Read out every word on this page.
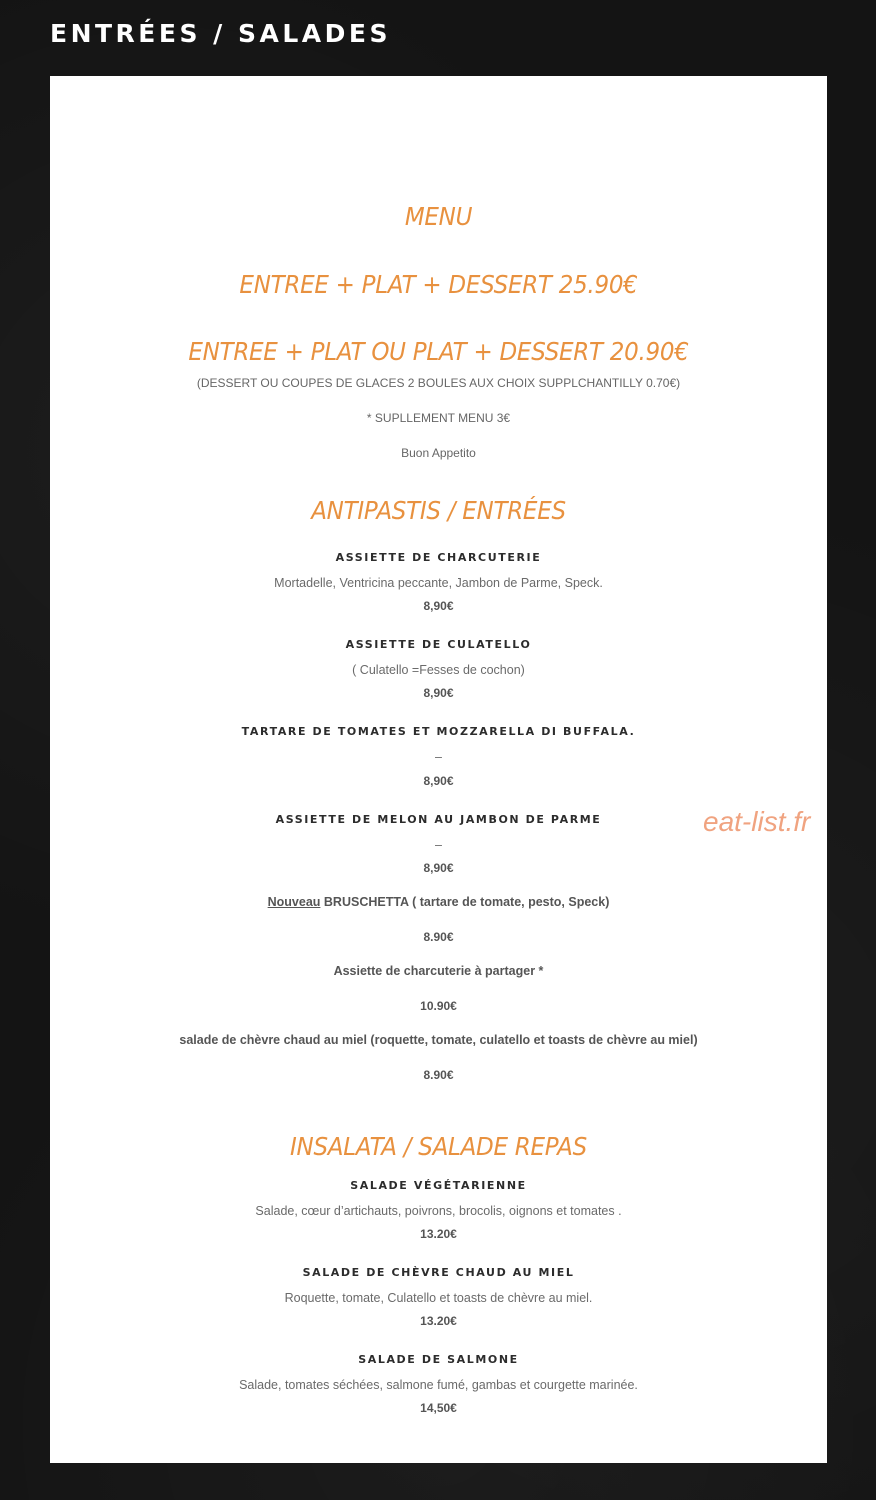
ENTRÉES / SALADES
MENU
ENTREE + PLAT + DESSERT 25.90€
ENTREE + PLAT OU PLAT + DESSERT 20.90€

(DESSERT OU COUPES DE GLACES 2 BOULES AUX CHOIX SUPPLCHANTILLY 0.70€)

* SUPLLEMENT MENU 3€

Buon Appetito

ANTIPASTIS / ENTRÉES

ASSIETTE DE CHARCUTERIE

Mortadelle, Ventricina peccante, Jambon de Parme, Speck.

8,90€

ASSIETTE DE CULATELLO

( Culatello =Fesses de cochon)

8,90€

TARTARE DE TOMATES ET MOZZARELLA DI BUFFALA.

–

8,90€

ASSIETTE DE MELON AU JAMBON DE PARME

–

8,90€

Nouveau BRUSCHETTA ( tartare de tomate, pesto, Speck)

8.90€

Assiette de charcuterie à partager *

10.90€

salade de chèvre chaud au miel (roquette, tomate, culatello et toasts de chèvre au miel)

8.90€

INSALATA / SALADE REPAS

SALADE VÉGÉTARIENNE

Salade, cœur d’artichauts, poivrons, brocolis, oignons et tomates .

13.20€

SALADE DE CHÈVRE CHAUD AU MIEL

Roquette, tomate, Culatello et toasts de chèvre au miel.

13.20€

SALADE DE SALMONE

Salade, tomates séchées, salmone fumé, gambas et courgette marinée.

14,50€

eat-list.fr
